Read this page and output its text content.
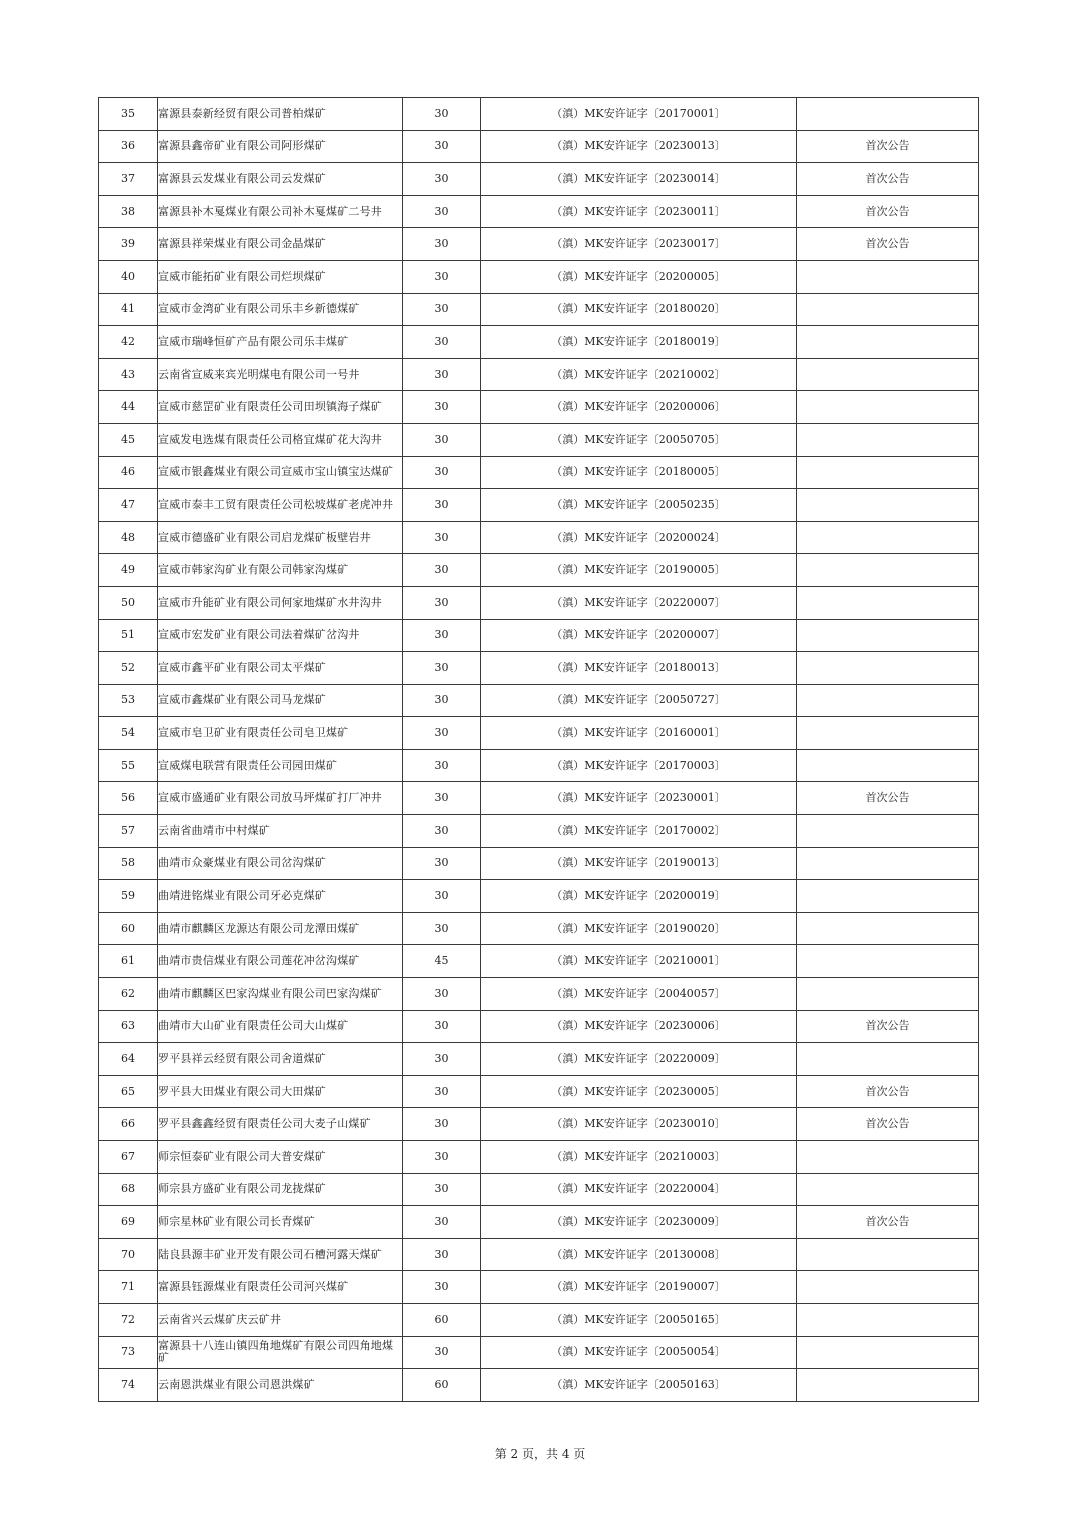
35	富源县泰新经贸有限公司普柏煤矿	30	（滇）MK安许证字〔20170001〕	
36	富源县鑫帝矿业有限公司阿形煤矿	30	（滇）MK安许证字〔20230013〕	首次公告
37	富源县云发煤业有限公司云发煤矿	30	（滇）MK安许证字〔20230014〕	首次公告
38	富源县补木戛煤业有限公司补木戛煤矿二号井	30	（滇）MK安许证字〔20230011〕	首次公告
39	富源县祥荣煤业有限公司金晶煤矿	30	（滇）MK安许证字〔20230017〕	首次公告
40	宣威市能拓矿业有限公司烂坝煤矿	30	（滇）MK安许证字〔20200005〕	
41	宣威市金湾矿业有限公司乐丰乡新德煤矿	30	（滇）MK安许证字〔20180020〕	
42	宣威市瑞峰恒矿产品有限公司乐丰煤矿	30	（滇）MK安许证字〔20180019〕	
43	云南省宣威来宾光明煤电有限公司一号井	30	（滇）MK安许证字〔20210002〕	
44	宣威市慈罡矿业有限责任公司田坝镇海子煤矿	30	（滇）MK安许证字〔20200006〕	
45	宣威发电选煤有限责任公司格宜煤矿花大沟井	30	（滇）MK安许证字〔20050705〕	
46	宣威市银鑫煤业有限公司宣威市宝山镇宝达煤矿	30	（滇）MK安许证字〔20180005〕	
47	宣威市泰丰工贸有限责任公司松坡煤矿老虎冲井	30	（滇）MK安许证字〔20050235〕	
48	宣威市德盛矿业有限公司启龙煤矿板壁岩井	30	（滇）MK安许证字〔20200024〕	
49	宣威市韩家沟矿业有限公司韩家沟煤矿	30	（滇）MK安许证字〔20190005〕	
50	宣威市升能矿业有限公司何家地煤矿水井沟井	30	（滇）MK安许证字〔20220007〕	
51	宣威市宏发矿业有限公司法着煤矿岔沟井	30	（滇）MK安许证字〔20200007〕	
52	宣威市鑫平矿业有限公司太平煤矿	30	（滇）MK安许证字〔20180013〕	
53	宣威市鑫煤矿业有限公司马龙煤矿	30	（滇）MK安许证字〔20050727〕	
54	宣威市皂卫矿业有限责任公司皂卫煤矿	30	（滇）MK安许证字〔20160001〕	
55	宣威煤电联营有限责任公司园田煤矿	30	（滇）MK安许证字〔20170003〕	
56	宣威市盛通矿业有限公司放马坪煤矿打厂冲井	30	（滇）MK安许证字〔20230001〕	首次公告
57	云南省曲靖市中村煤矿	30	（滇）MK安许证字〔20170002〕	
58	曲靖市众豪煤业有限公司岔沟煤矿	30	（滇）MK安许证字〔20190013〕	
59	曲靖进铭煤业有限公司牙必克煤矿	30	（滇）MK安许证字〔20200019〕	
60	曲靖市麒麟区龙源达有限公司龙潭田煤矿	30	（滇）MK安许证字〔20190020〕	
61	曲靖市贵信煤业有限公司莲花冲岔沟煤矿	45	（滇）MK安许证字〔20210001〕	
62	曲靖市麒麟区巴家沟煤业有限公司巴家沟煤矿	30	（滇）MK安许证字〔20040057〕	
63	曲靖市大山矿业有限责任公司大山煤矿	30	（滇）MK安许证字〔20230006〕	首次公告
64	罗平县祥云经贸有限公司舍道煤矿	30	（滇）MK安许证字〔20220009〕	
65	罗平县大田煤业有限公司大田煤矿	30	（滇）MK安许证字〔20230005〕	首次公告
66	罗平县鑫鑫经贸有限责任公司大麦子山煤矿	30	（滇）MK安许证字〔20230010〕	首次公告
67	师宗恒泰矿业有限公司大普安煤矿	30	（滇）MK安许证字〔20210003〕	
68	师宗县方盛矿业有限公司龙拢煤矿	30	（滇）MK安许证字〔20220004〕	
69	师宗星林矿业有限公司长青煤矿	30	（滇）MK安许证字〔20230009〕	首次公告
70	陆良县源丰矿业开发有限公司石槽河露天煤矿	30	（滇）MK安许证字〔20130008〕	
71	富源县钰源煤业有限责任公司河兴煤矿	30	（滇）MK安许证字〔20190007〕	
72	云南省兴云煤矿庆云矿井	60	（滇）MK安许证字〔20050165〕	
73	富源县十八连山镇四角地煤矿有限公司四角地煤矿	30	（滇）MK安许证字〔20050054〕	
74	云南恩洪煤业有限公司恩洪煤矿	60	（滇）MK安许证字〔20050163〕	
第 2 页，共 4 页
